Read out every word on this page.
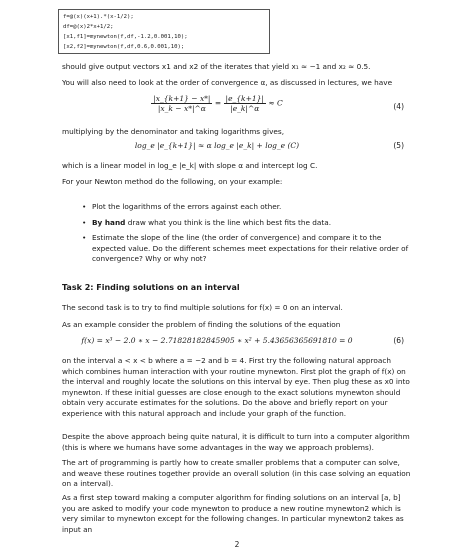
f=@(x)(x+1).*(x-1/2);
df=@(x)2*x+1/2;
[x1,f1]=mynewton(f,df,-1.2,0.001,10);
[x2,f2]=mynewton(f,df,0.6,0.001,10);
should give output vectors x1 and x2 of the iterates that yield x₁ ≈ −1 and x₂ ≈ 0.5.
You will also need to look at the order of convergence α, as discussed in lectures, we have
$\frac{|x\_\{k+1\} - x*|}{|x\_k - x*|\^{}\alpha} = \frac{|e\_\{k+1\}|}{|e\_k|\^{}\alpha} \approx C$	(4)
multiplying by the denominator and taking logarithms gives,
log_e |e_{k+1}| ≈ α log_e |e_k| + log_e (C)	(5)
which is a linear model in log_e |e_k| with slope α and intercept log C.
For your Newton method do the following, on your example:
• Plot the logarithms of the errors against each other.
• By hand draw what you think is the line which best fits the data.
• Estimate the slope of the line (the order of convergence) and compare it to the expected value. Do the different schemes meet expectations for their relative order of convergence? Why or why not?
Task 2: Finding solutions on an interval
The second task is to try to find multiple solutions for f(x) = 0 on an interval.
As an example consider the problem of finding the solutions of the equation
f(x) = x³ − 2.0 ∗ x − 2.71828182845905 ∗ x² + 5.43656365691810 = 0	(6)
on the interval a < x < b where a = −2 and b = 4. First try the following natural approach which combines human interaction with your routine mynewton. First plot the graph of f(x) on the interval and roughly locate the solutions on this interval by eye. Then plug these as x0 into mynewton. If these initial guesses are close enough to the exact solutions mynewton should obtain very accurate estimates for the solutions. Do the above and briefly report on your experience with this natural approach and include your graph of the function.
Despite the above approach being quite natural, it is difficult to turn into a computer algorithm (this is where we humans have some advantages in the way we approach problems).
The art of programming is partly how to create smaller problems that a computer can solve, and weave these routines together provide an overall solution (in this case solving an equation on a interval).
As a first step toward making a computer algorithm for finding solutions on an interval [a, b] you are asked to modify your code mynewton to produce a new routine mynewton2 which is very similar to mynewton except for the following changes. In particular mynewton2 takes as input an
2
